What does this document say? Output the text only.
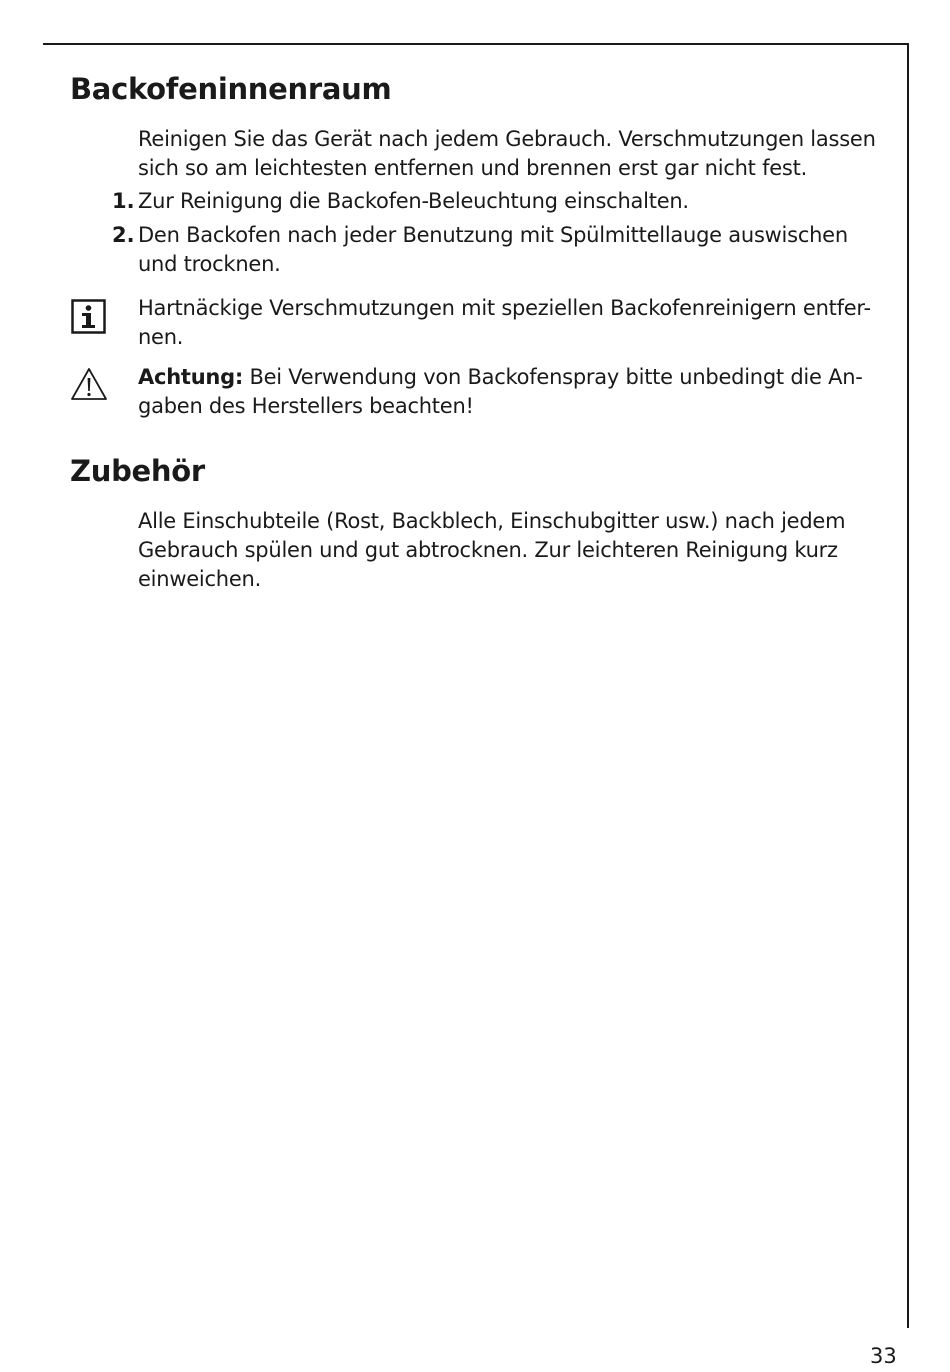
Backofeninnenraum

Reinigen Sie das Gerät nach jedem Gebrauch. Verschmutzungen lassen

sich so am leichtesten entfernen und brennen erst gar nicht fest.

1. Zur Reinigung die Backofen-Beleuchtung einschalten.

2. Den Backofen nach jeder Benutzung mit Spülmittellauge auswischen

und trocknen.

Hartnäckige Verschmutzungen mit speziellen Backofenreinigern entfer-

nen.

Achtung: Bei Verwendung von Backofenspray bitte unbedingt die An-

gaben des Herstellers beachten!

Zubehör

Alle Einschubteile (Rost, Backblech, Einschubgitter usw.) nach jedem

Gebrauch spülen und gut abtrocknen. Zur leichteren Reinigung kurz

einweichen.

33
